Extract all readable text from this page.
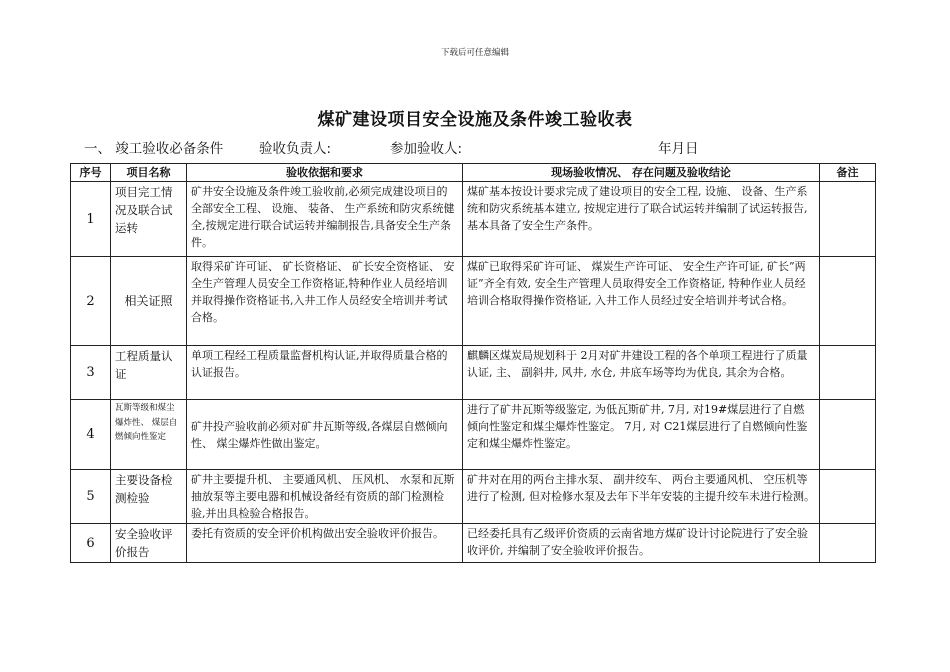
下载后可任意编辑
煤矿建设项目安全设施及条件竣工验收表
一、 竣工验收必备条件	验收负责人:	参加验收人:	年月日
序号	项目名称	验收依据和要求	现场验收情况、 存在问题及验收结论	备注
1	项目完工情况及联合试运转	矿井安全设施及条件竣工验收前,必须完成建设项目的全部安全工程、 设施、 装备、 生产系统和防灾系统健全,按规定进行联合试运转并编制报告,具备安全生产条件。	煤矿基本按设计要求完成了建设项目的安全工程, 设施、 设备、生产系统和防灾系统基本建立, 按规定进行了联合试运转并编制了试运转报告, 基本具备了安全生产条件。	
2	相关证照	取得采矿许可证、 矿长资格证、 矿长安全资格证、 安全生产管理人员安全工作资格证,特种作业人员经培训并取得操作资格证书,入井工作人员经安全培训并考试合格。	煤矿已取得采矿许可证、 煤炭生产许可证、 安全生产许可证, 矿长”两证”齐全有效, 安全生产管理人员取得安全工作资格证, 特种作业人员经培训合格取得操作资格证, 入井工作人员经过安全培训并考试合格。	
3	工程质量认证	单项工程经工程质量监督机构认证,并取得质量合格的认证报告。	麒麟区煤炭局规划科于 2月对矿井建设工程的各个单项工程进行了质量认证, 主、 副斜井, 风井, 水仓, 井底车场等均为优良, 其余为合格。	
4	瓦斯等级和煤尘爆炸性、 煤层自燃倾向性鉴定	矿井投产验收前必须对矿井瓦斯等级,各煤层自燃倾向性、 煤尘爆炸性做出鉴定。	进行了矿井瓦斯等级鉴定, 为低瓦斯矿井, 7月, 对19#煤层进行了自燃倾向性鉴定和煤尘爆炸性鉴定。 7月, 对 C21煤层进行了自燃倾向性鉴定和煤尘爆炸性鉴定。	
5	主要设备检测检验	矿井主要提升机、 主要通风机、 压风机、 水泵和瓦斯抽放泵等主要电器和机械设备经有资质的部门检测检验,并出具检验合格报告。	矿井对在用的两台主排水泵、 副井绞车、 两台主要通风机、 空压机等进行了检测, 但对检修水泵及去年下半年安装的主提升绞车未进行检测。	
6	安全验收评价报告	委托有资质的安全评价机构做出安全验收评价报告。	已经委托具有乙级评价资质的云南省地方煤矿设计讨论院进行了安全验收评价, 并编制了安全验收评价报告。	
